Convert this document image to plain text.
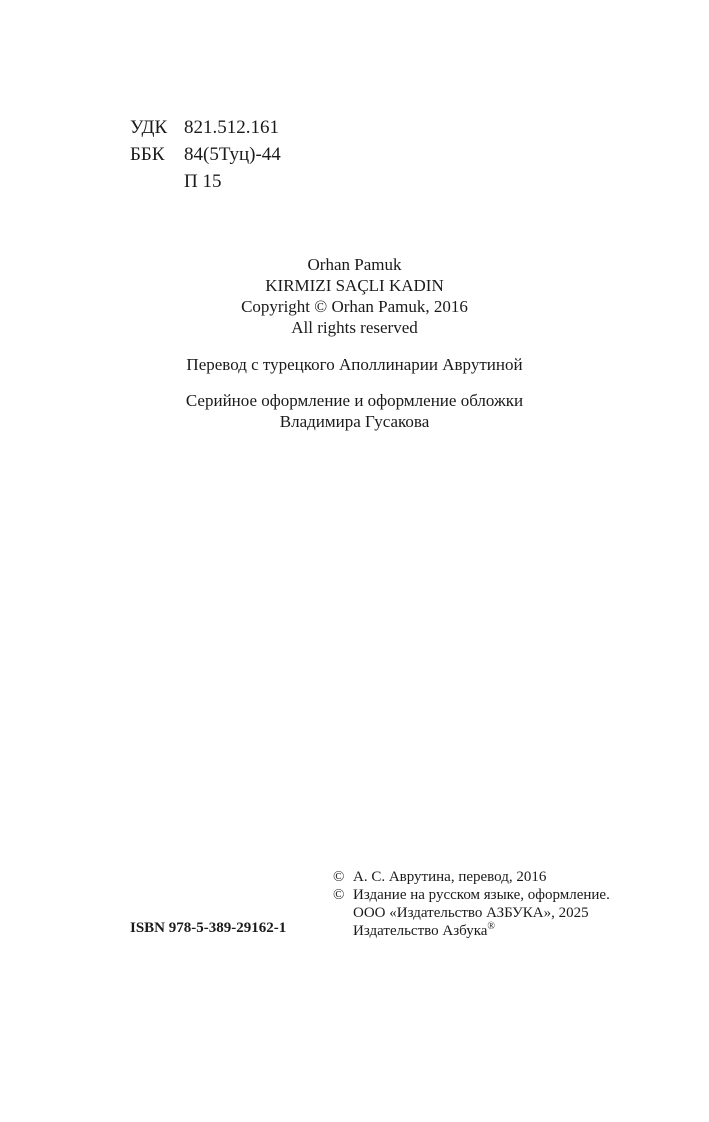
УДК 821.512.161
ББК	84(5Туц)-44
П 15
Orhan Pamuk
KIRMIZI SAÇLI KADIN
Copyright © Orhan Pamuk, 2016
All rights reserved
Перевод с турецкого Аполлинарии Аврутиной
Серийное оформление и оформление обложки
Владимира Гусакова
© А. С. Аврутина, перевод, 2016
© Издание на русском языке, оформление.
ООО «Издательство АЗБУКА», 2025
Издательство Азбука®
ISBN 978-5-389-29162-1
